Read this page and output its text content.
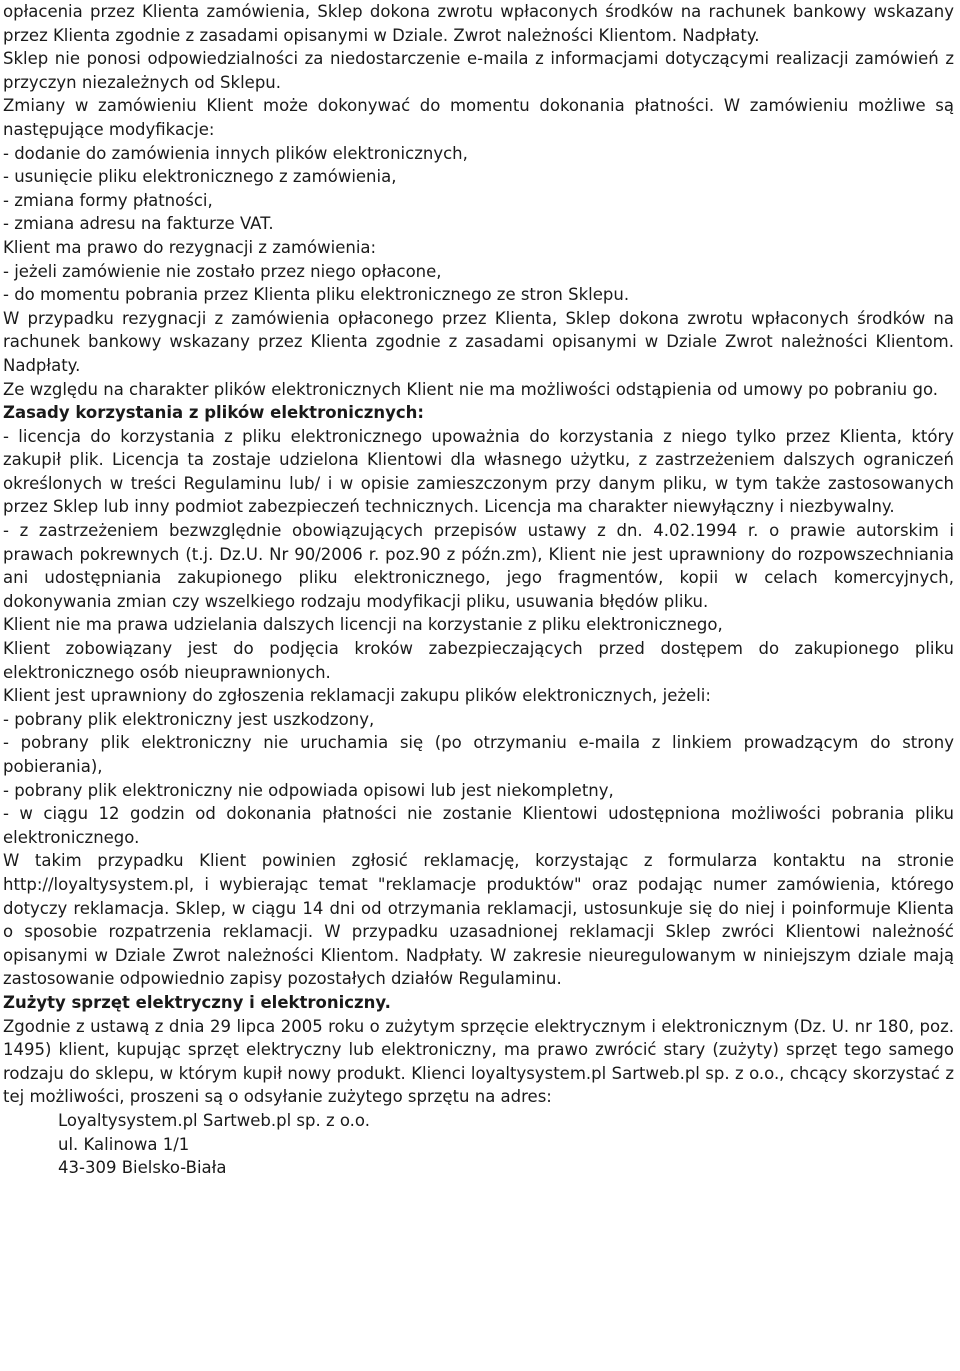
opłacenia przez Klienta zamówienia, Sklep dokona zwrotu wpłaconych środków na rachunek bankowy wskazany przez Klienta zgodnie z zasadami opisanymi w Dziale. Zwrot należności Klientom. Nadpłaty.

Sklep nie ponosi odpowiedzialności za niedostarczenie e-maila z informacjami dotyczącymi realizacji zamówień z przyczyn niezależnych od Sklepu.

Zmiany w zamówieniu Klient może dokonywać do momentu dokonania płatności. W zamówieniu możliwe są następujące modyfikacje:

- dodanie do zamówienia innych plików elektronicznych,

- usunięcie pliku elektronicznego z zamówienia,

- zmiana formy płatności,

- zmiana adresu na fakturze VAT.

Klient ma prawo do rezygnacji z zamówienia:

- jeżeli zamówienie nie zostało przez niego opłacone,

- do momentu pobrania przez Klienta pliku elektronicznego ze stron Sklepu.

W przypadku rezygnacji z zamówienia opłaconego przez Klienta, Sklep dokona zwrotu wpłaconych środków na rachunek bankowy wskazany przez Klienta zgodnie z zasadami opisanymi w Dziale Zwrot należności Klientom. Nadpłaty.

Ze względu na charakter plików elektronicznych Klient nie ma możliwości odstąpienia od umowy po pobraniu go.

Zasady korzystania z plików elektronicznych:

- licencja do korzystania z pliku elektronicznego upoważnia do korzystania z niego tylko przez Klienta, który zakupił plik. Licencja ta zostaje udzielona Klientowi dla własnego użytku, z zastrzeżeniem dalszych ograniczeń określonych w treści Regulaminu lub/ i w opisie zamieszczonym przy danym pliku, w tym także zastosowanych przez Sklep lub inny podmiot zabezpieczeń technicznych. Licencja ma charakter niewyłączny i niezbywalny.

- z zastrzeżeniem bezwzględnie obowiązujących przepisów ustawy z dn. 4.02.1994 r. o prawie autorskim i prawach pokrewnych (t.j. Dz.U. Nr 90/2006 r. poz.90 z późn.zm), Klient nie jest uprawniony do rozpowszechniania ani udostępniania zakupionego pliku elektronicznego, jego fragmentów, kopii w celach komercyjnych, dokonywania zmian czy wszelkiego rodzaju modyfikacji pliku, usuwania błędów pliku.

Klient nie ma prawa udzielania dalszych licencji na korzystanie z pliku elektronicznego,

Klient zobowiązany jest do podjęcia kroków zabezpieczających przed dostępem do zakupionego pliku elektronicznego osób nieuprawnionych.

Klient jest uprawniony do zgłoszenia reklamacji zakupu plików elektronicznych, jeżeli:

- pobrany plik elektroniczny jest uszkodzony,

- pobrany plik elektroniczny nie uruchamia się (po otrzymaniu e-maila z linkiem prowadzącym do strony pobierania),

- pobrany plik elektroniczny nie odpowiada opisowi lub jest niekompletny,

- w ciągu 12 godzin od dokonania płatności nie zostanie Klientowi udostępniona możliwości pobrania pliku elektronicznego.

W takim przypadku Klient powinien zgłosić reklamację, korzystając z formularza kontaktu na stronie http://loyaltysystem.pl, i wybierając temat "reklamacje produktów" oraz podając numer zamówienia, którego dotyczy reklamacja. Sklep, w ciągu 14 dni od otrzymania reklamacji, ustosunkuje się do niej i poinformuje Klienta o sposobie rozpatrzenia reklamacji. W przypadku uzasadnionej reklamacji Sklep zwróci Klientowi należność opisanymi w Dziale Zwrot należności Klientom. Nadpłaty. W zakresie nieuregulowanym w niniejszym dziale mają zastosowanie odpowiednio zapisy pozostałych działów Regulaminu.

Zużyty sprzęt elektryczny i elektroniczny.

Zgodnie z ustawą z dnia 29 lipca 2005 roku o zużytym sprzęcie elektrycznym i elektronicznym (Dz. U. nr 180, poz. 1495) klient, kupując sprzęt elektryczny lub elektroniczny, ma prawo zwrócić stary (zużyty) sprzęt tego samego rodzaju do sklepu, w którym kupił nowy produkt. Klienci loyaltysystem.pl Sartweb.pl sp. z o.o., chcący skorzystać z tej możliwości, proszeni są o odsyłanie zużytego sprzętu na adres:

Loyaltysystem.pl Sartweb.pl sp. z o.o.

ul. Kalinowa 1/1

43-309 Bielsko-Biała
